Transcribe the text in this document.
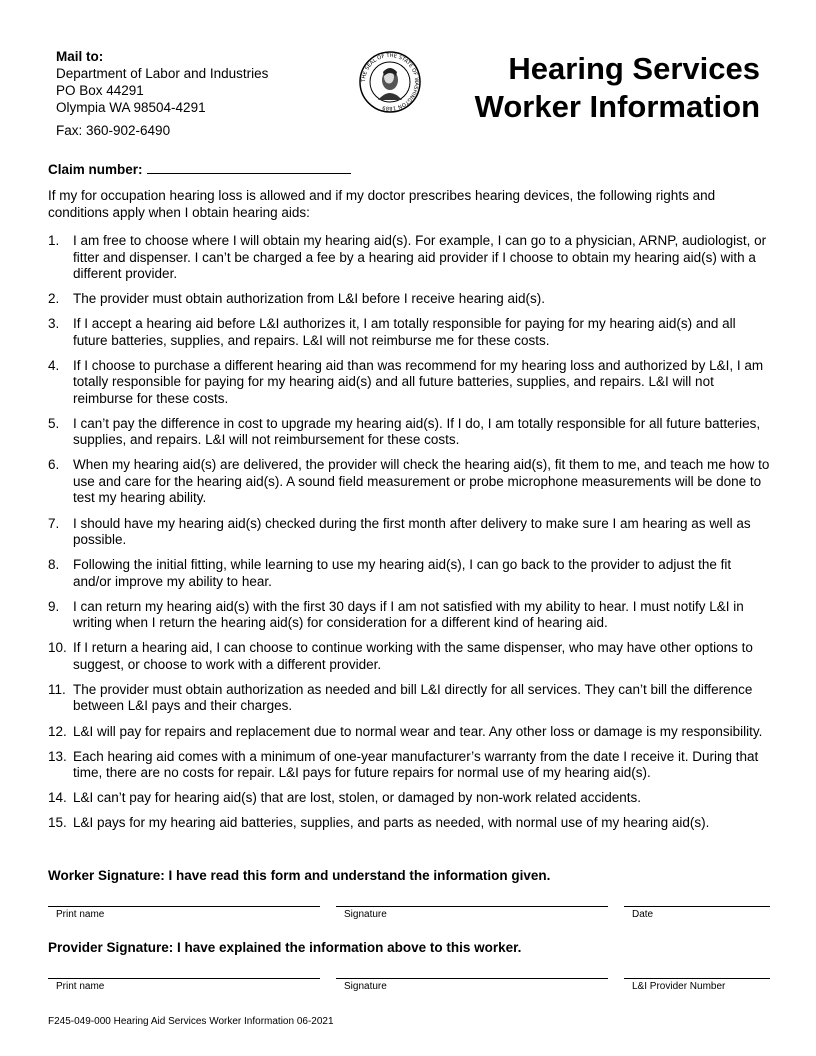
Mail to:
Department of Labor and Industries
PO Box 44291
Olympia WA 98504-4291
Fax: 360-902-6490
THE SEAL OF THE STATE OF WASHINGTON 1889
Hearing Services
Worker Information
Claim number:
If my for occupation hearing loss is allowed and if my doctor prescribes hearing devices, the following rights and conditions apply when I obtain hearing aids:
1.	I am free to choose where I will obtain my hearing aid(s). For example, I can go to a physician, ARNP, audiologist, or fitter and dispenser. I can’t be charged a fee by a hearing aid provider if I choose to obtain my hearing aid(s) with a different provider.
2.	The provider must obtain authorization from L&I before I receive hearing aid(s).
3.	If I accept a hearing aid before L&I authorizes it, I am totally responsible for paying for my hearing aid(s) and all future batteries, supplies, and repairs. L&I will not reimburse me for these costs.
4.	If I choose to purchase a different hearing aid than was recommend for my hearing loss and authorized by L&I, I am totally responsible for paying for my hearing aid(s) and all future batteries, supplies, and repairs. L&I will not reimburse for these costs.
5.	I can’t pay the difference in cost to upgrade my hearing aid(s). If I do, I am totally responsible for all future batteries, supplies, and repairs. L&I will not reimbursement for these costs.
6.	When my hearing aid(s) are delivered, the provider will check the hearing aid(s), fit them to me, and teach me how to use and care for the hearing aid(s). A sound field measurement or probe microphone measurements will be done to test my hearing ability.
7.	I should have my hearing aid(s) checked during the first month after delivery to make sure I am hearing as well as possible.
8.	Following the initial fitting, while learning to use my hearing aid(s), I can go back to the provider to adjust the fit and/or improve my ability to hear.
9.	I can return my hearing aid(s) with the first 30 days if I am not satisfied with my ability to hear. I must notify L&I in writing when I return the hearing aid(s) for consideration for a different kind of hearing aid.
10. If I return a hearing aid, I can choose to continue working with the same dispenser, who may have other options to suggest, or choose to work with a different provider.
11. The provider must obtain authorization as needed and bill L&I directly for all services. They can’t bill the difference between L&I pays and their charges.
12. L&I will pay for repairs and replacement due to normal wear and tear. Any other loss or damage is my responsibility.
13. Each hearing aid comes with a minimum of one-year manufacturer’s warranty from the date I receive it. During that time, there are no costs for repair. L&I pays for future repairs for normal use of my hearing aid(s).
14. L&I can’t pay for hearing aid(s) that are lost, stolen, or damaged by non-work related accidents.
15. L&I pays for my hearing aid batteries, supplies, and parts as needed, with normal use of my hearing aid(s).
Worker Signature: I have read this form and understand the information given.
Print name	Signature	Date
Provider Signature: I have explained the information above to this worker.
Print name	Signature	L&I Provider Number
F245-049-000 Hearing Aid Services Worker Information 06-2021
